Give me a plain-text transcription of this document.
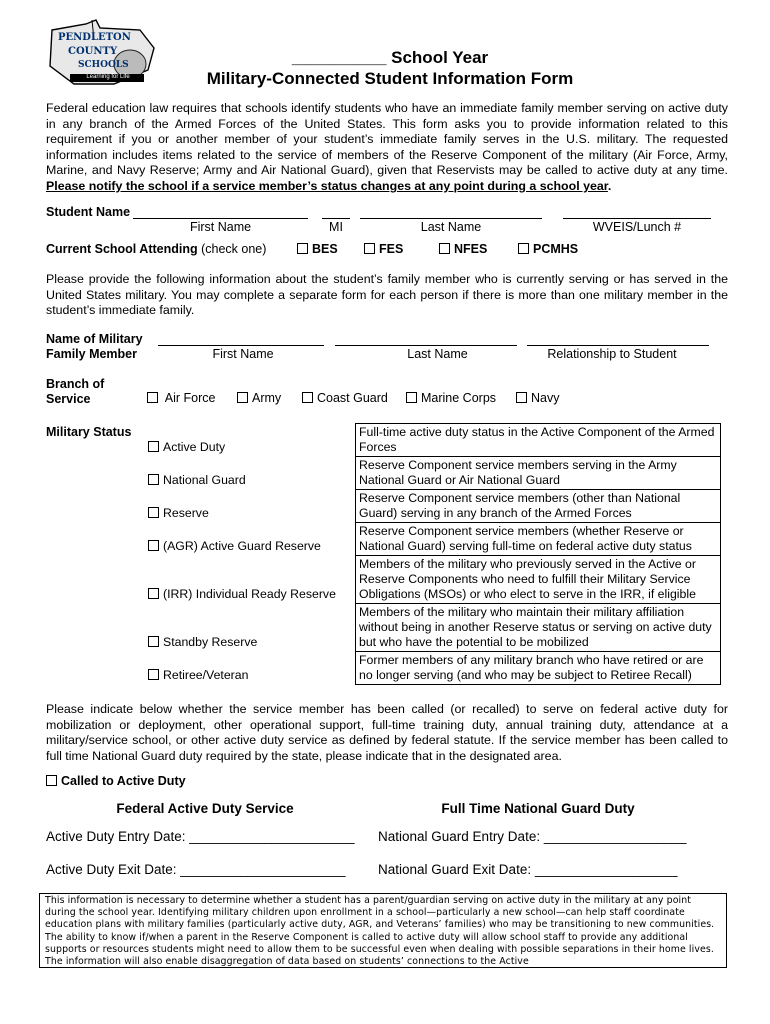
PENDLETON
COUNTY
SCHOOLS
Learning for Life
__________ School Year
Military-Connected Student Information Form
Federal education law requires that schools identify students who have an immediate family member serving on active duty in any branch of the Armed Forces of the United States. This form asks you to provide information related to this requirement if you or another member of your student’s immediate family serves in the U.S. military. The requested information includes items related to the service of members of the Reserve Component of the military (Air Force, Army, Marine, and Navy Reserve; Army and Air National Guard), given that Reservists may be called to active duty at any time. Please notify the school if a service member’s status changes at any point during a school year.
Student Name
First Name	MI	Last Name	WVEIS/Lunch #
Current School Attending (check one)	BES	FES	NFES	PCMHS
Please provide the following information about the student’s family member who is currently serving or has served in the United States military. You may complete a separate form for each person if there is more than one military member in the student’s immediate family.
Name of Military
Family Member	First Name	Last Name	Relationship to Student
Branch of
Service	Air Force	Army	Coast Guard	Marine Corps	Navy
Military Status
Active Duty	Full-time active duty status in the Active Component of the Armed Forces
National Guard	Reserve Component service members serving in the Army National Guard or Air National Guard
Reserve	Reserve Component service members (other than National Guard) serving in any branch of the Armed Forces
(AGR) Active Guard Reserve	Reserve Component service members (whether Reserve or National Guard) serving full-time on federal active duty status
(IRR) Individual Ready Reserve	Members of the military who previously served in the Active or Reserve Components who need to fulfill their Military Service Obligations (MSOs) or who elect to serve in the IRR, if eligible
Standby Reserve	Members of the military who maintain their military affiliation without being in another Reserve status or serving on active duty but who have the potential to be mobilized
Retiree/Veteran	Former members of any military branch who have retired or are no longer serving (and who may be subject to Retiree Recall)
Please indicate below whether the service member has been called (or recalled) to serve on federal active duty for mobilization or deployment, other operational support, full-time training duty, annual training duty, attendance at a military/service school, or other active duty service as defined by federal statute. If the service member has been called to full time National Guard duty required by the state, please indicate that in the designated area.
Called to Active Duty
Federal Active Duty Service	Full Time National Guard Duty
Active Duty Entry Date: ______________________ National Guard Entry Date: ___________________
Active Duty Exit Date: ______________________ National Guard Exit Date: ___________________
This information is necessary to determine whether a student has a parent/guardian serving on active duty in the military at any point during the school year. Identifying military children upon enrollment in a school—particularly a new school—can help staff coordinate education plans with military families (particularly active duty, AGR, and Veterans’ families) who may be transitioning to new communities. The ability to know if/when a parent in the Reserve Component is called to active duty will allow school staff to provide any additional supports or resources students might need to allow them to be successful even when dealing with possible separations in their home lives. The information will also enable disaggregation of data based on students’ connections to the Active
